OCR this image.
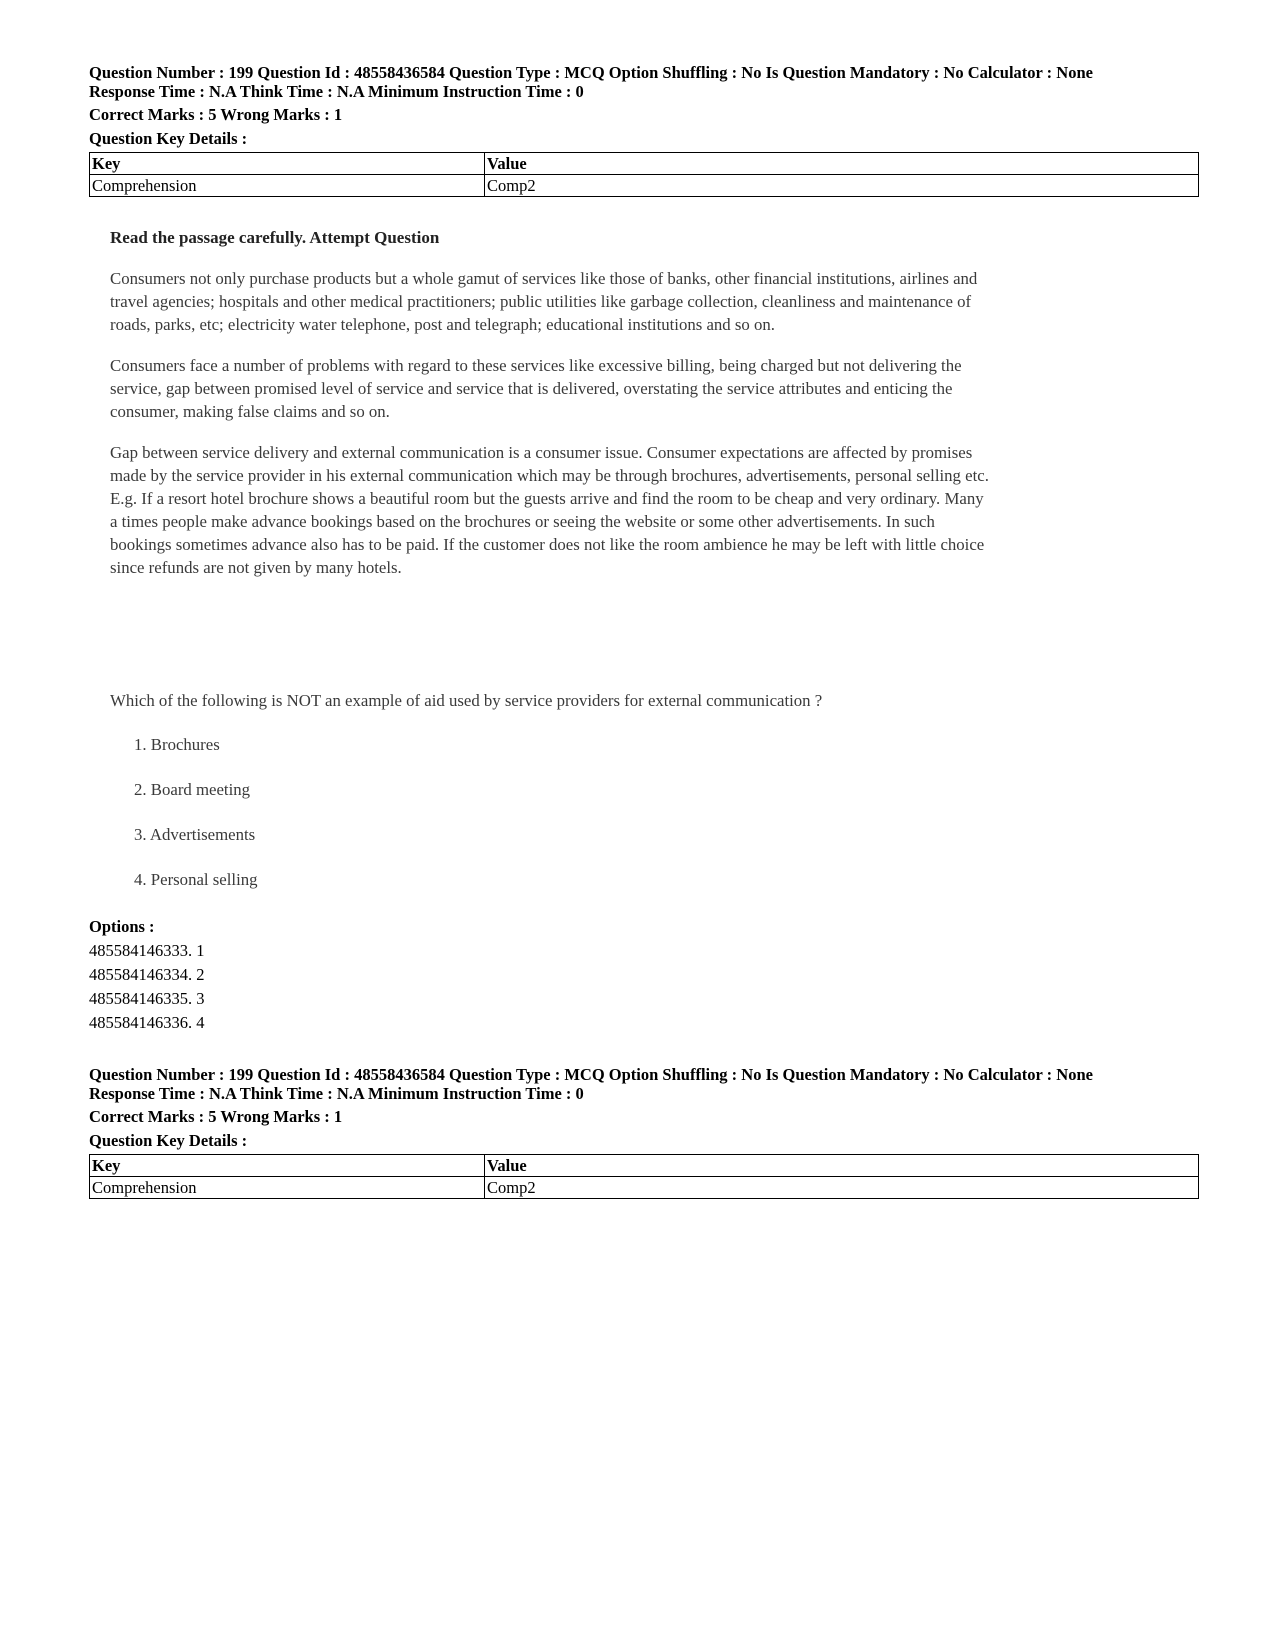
Question Number : 199 Question Id : 48558436584 Question Type : MCQ Option Shuffling : No Is Question Mandatory : No Calculator : None
Response Time : N.A Think Time : N.A Minimum Instruction Time : 0
Correct Marks : 5 Wrong Marks : 1
Question Key Details :
Key	Value
Comprehension	Comp2
Read the passage carefully. Attempt Question

Consumers not only purchase products but a whole gamut of services like those of banks, other financial institutions, airlines and travel agencies; hospitals and other medical practitioners; public utilities like garbage collection, cleanliness and maintenance of roads, parks, etc; electricity water telephone, post and telegraph; educational institutions and so on.

Consumers face a number of problems with regard to these services like excessive billing, being charged but not delivering the service, gap between promised level of service and service that is delivered, overstating the service attributes and enticing the consumer, making false claims and so on.

Gap between service delivery and external communication is a consumer issue. Consumer expectations are affected by promises made by the service provider in his external communication which may be through brochures, advertisements, personal selling etc. E.g. If a resort hotel brochure shows a beautiful room but the guests arrive and find the room to be cheap and very ordinary. Many a times people make advance bookings based on the brochures or seeing the website or some other advertisements. In such bookings sometimes advance also has to be paid. If the customer does not like the room ambience he may be left with little choice since refunds are not given by many hotels.

Which of the following is NOT an example of aid used by service providers for external communication ?
1. Brochures
2. Board meeting
3. Advertisements
4. Personal selling
Options :
485584146333. 1
485584146334. 2
485584146335. 3
485584146336. 4
Question Number : 199 Question Id : 48558436584 Question Type : MCQ Option Shuffling : No Is Question Mandatory : No Calculator : None
Response Time : N.A Think Time : N.A Minimum Instruction Time : 0
Correct Marks : 5 Wrong Marks : 1
Question Key Details :
Key	Value
Comprehension	Comp2
